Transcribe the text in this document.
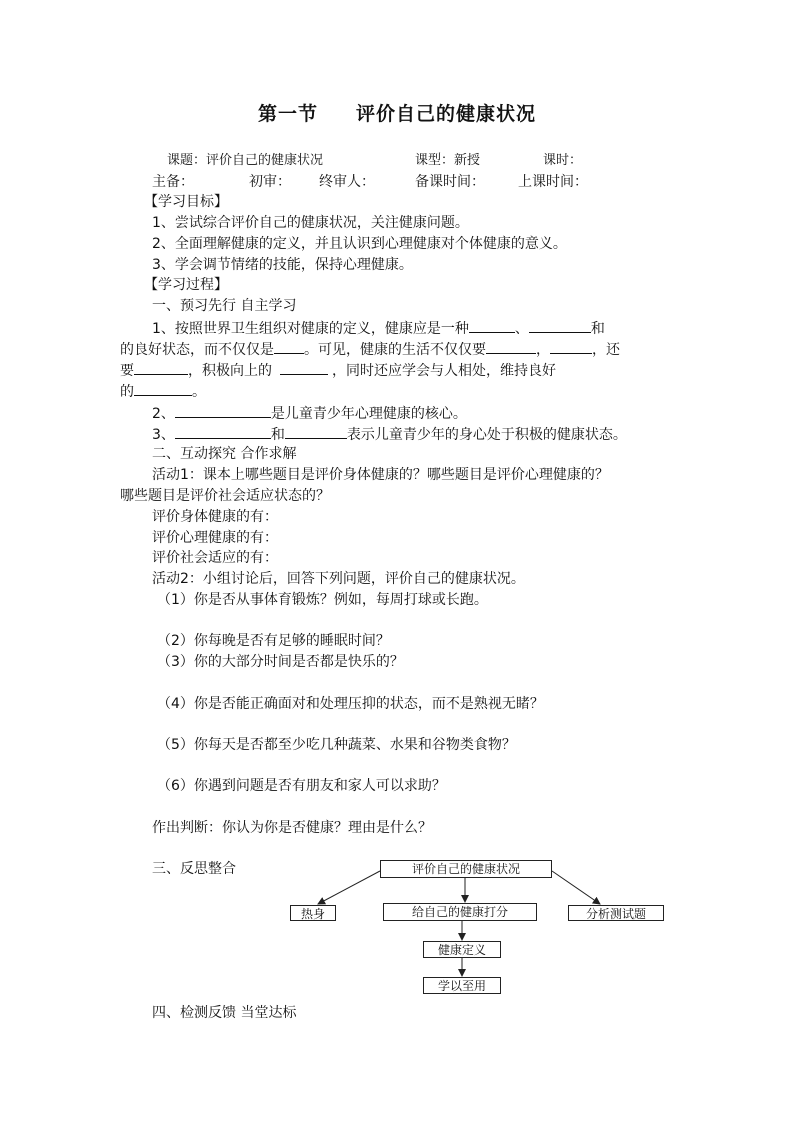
第一节 评价自己的健康状况
课题：评价自己的健康状况	课型：新授	课时：
主备：	初审： 终审人：	备课时间： 上课时间：
【学习目标】
1、尝试综合评价自己的健康状况，关注健康问题。
2、全面理解健康的定义，并且认识到心理健康对个体健康的意义。
3、学会调节情绪的技能，保持心理健康。
【学习过程】
一、预习先行 自主学习
1、按照世界卫生组织对健康的定义，健康应是一种	、	和
的良好状态，而不仅仅是 。可见，健康的生活不仅仅要	，	，还
要	，积极向上的	，同时还应学会与人相处，维持良好
的	。
2、	是儿童青少年心理健康的核心。
3、	和	表示儿童青少年的身心处于积极的健康状态。
二、互动探究 合作求解
活动1：课本上哪些题目是评价身体健康的？哪些题目是评价心理健康的？
哪些题目是评价社会适应状态的？
评价身体健康的有：
评价心理健康的有：
评价社会适应的有：
活动2：小组讨论后，回答下列问题，评价自己的健康状况。
（1）你是否从事体育锻炼？例如，每周打球或长跑。
（2）你每晚是否有足够的睡眠时间？
（3）你的大部分时间是否都是快乐的？
（4）你是否能正确面对和处理压抑的状态，而不是熟视无睹？
（5）你每天是否都至少吃几种蔬菜、水果和谷物类食物？
（6）你遇到问题是否有朋友和家人可以求助？
作出判断：你认为你是否健康？理由是什么？
三、反思整合	评价自己的健康状况
热身	给自己的健康打分	分析测试题
健康定义
学以至用
四、检测反馈 当堂达标
